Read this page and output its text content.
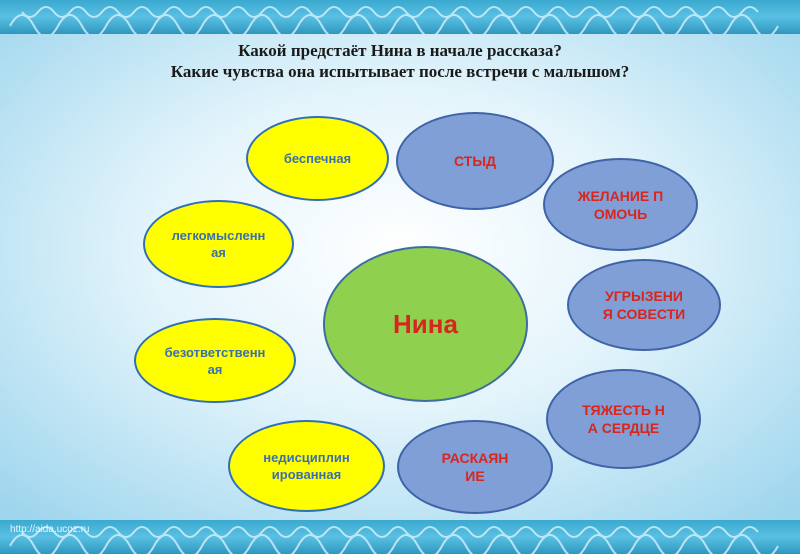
Какой предстаёт Нина в начале рассказа?
Какие чувства она испытывает после встречи с малышом?
Нина
беспечная
легкомысленная
безответственная
недисциплинированная
СТЫД
ЖЕЛАНИЕ ПОМОЧЬ
УГРЫЗЕНИЯ СОВЕСТИ
ТЯЖЕСТЬ НА СЕРДЦЕ
РАСКАЯНИЕ
http://aida.ucoz.ru
